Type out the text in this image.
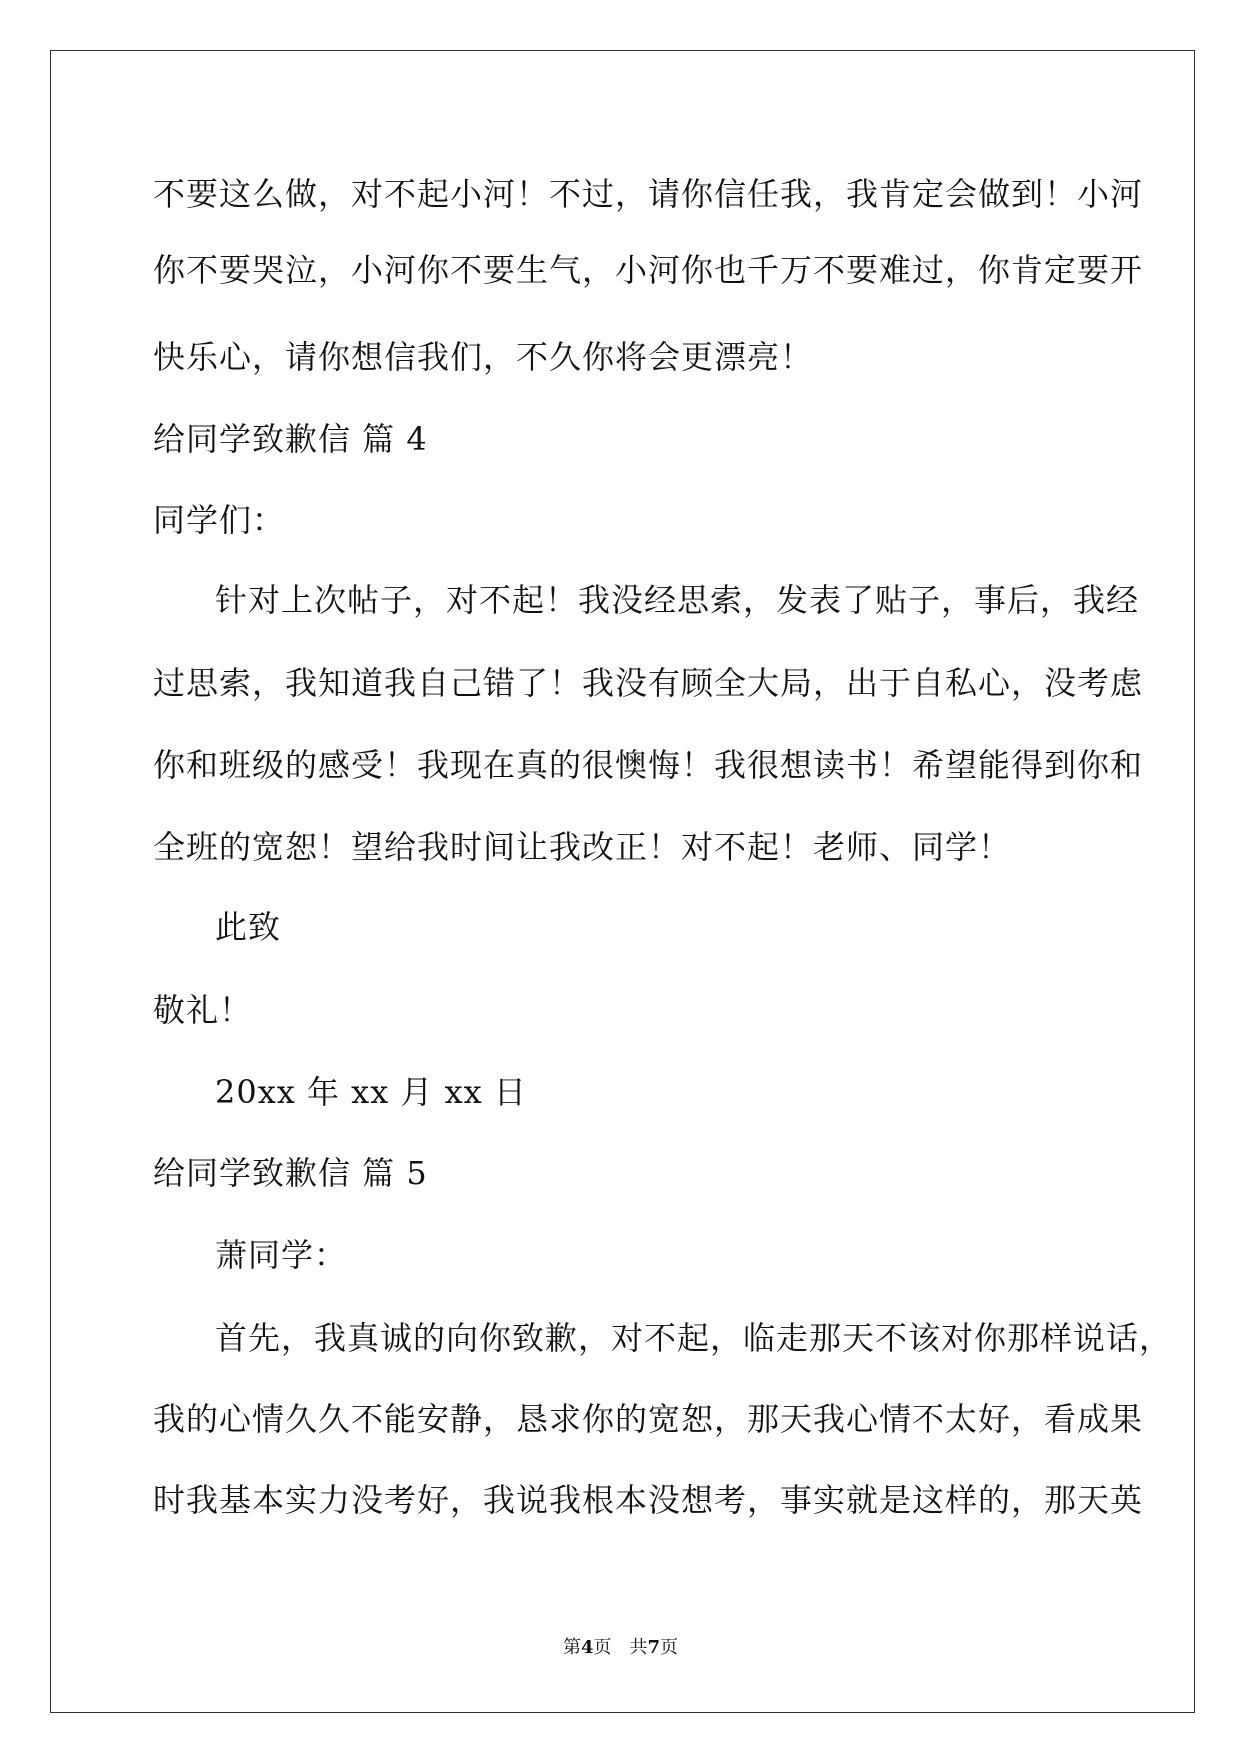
不要这么做，对不起小河！不过，请你信任我，我肯定会做到！小河
你不要哭泣，小河你不要生气，小河你也千万不要难过，你肯定要开
快乐心，请你想信我们，不久你将会更漂亮！
给同学致歉信 篇 4
同学们：
针对上次帖子，对不起！我没经思索，发表了贴子，事后，我经
过思索，我知道我自己错了！我没有顾全大局，出于自私心，没考虑
你和班级的感受！我现在真的很懊悔！我很想读书！希望能得到你和
全班的宽恕！望给我时间让我改正！对不起！老师、同学！
此致
敬礼！
20xx 年 xx 月 xx 日
给同学致歉信 篇 5
萧同学：
首先，我真诚的向你致歉，对不起，临走那天不该对你那样说话，
我的心情久久不能安静，恳求你的宽恕，那天我心情不太好，看成果
时我基本实力没考好，我说我根本没想考，事实就是这样的，那天英
第4页　共7页
